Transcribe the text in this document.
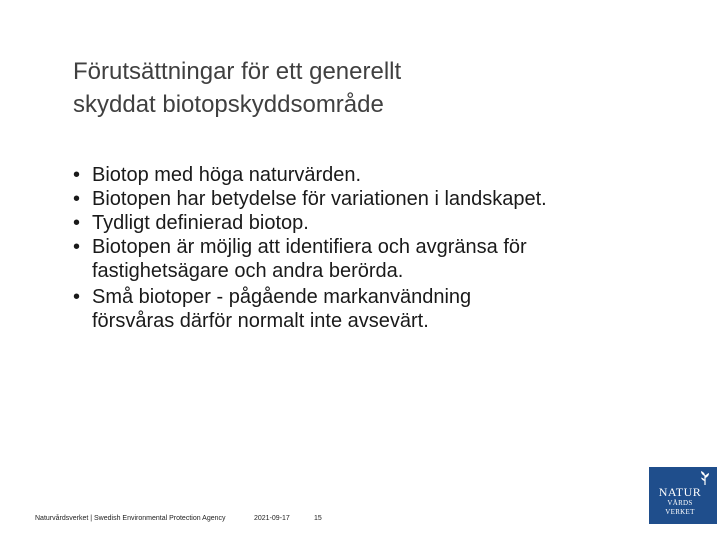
Förutsättningar för ett generellt
skyddat biotopskyddsområde
• Biotop med höga naturvärden.
• Biotopen har betydelse för variationen i landskapet.
• Tydligt definierad biotop.
• Biotopen är möjlig att identifiera och avgränsa för
fastighetsägare och andra berörda.
• Små biotoper - pågående markanvändning
försvåras därför normalt inte avsevärt.
Naturvårdsverket | Swedish Environmental Protection Agency	2021-09-17	15
NATUR
VÅRDS
VERKET
